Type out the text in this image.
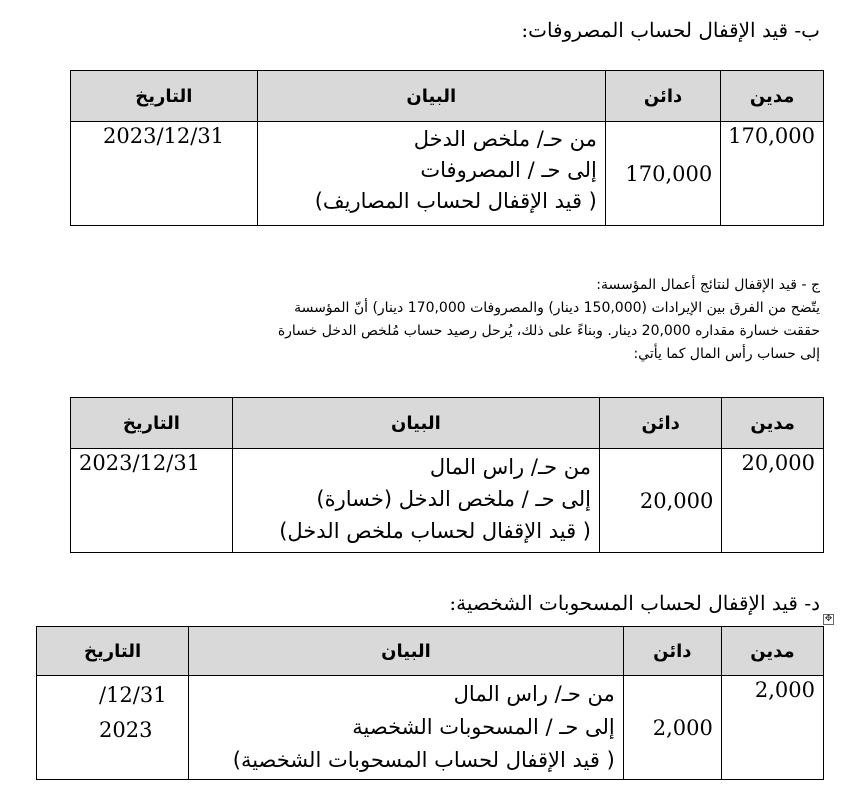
ب- قيد الإقفال لحساب المصروفات:
مدين	دائن	البيان	التاريخ
170,000	170,000	من حـ/ ملخص الدخل
إلى حـ / المصروفات
( قيد الإقفال لحساب المصاريف)	2023/12/31
ج - قيد الإقفال لنتائج أعمال المؤسسة:
يتّضح من الفرق بين الإيرادات (150,000 دينار) والمصروفات 170,000 دينار) أنّ المؤسسة
حققت خسارة مقداره 20,000 دينار. وبناءً على ذلك، يُرحل رصيد حساب مُلخص الدخل خسارة
إلى حساب رأس المال كما يأتي:
مدين	دائن	البيان	التاريخ
20,000	20,000	من حـ/ راس المال
إلى حـ / ملخص الدخل (خسارة)
( قيد الإقفال لحساب ملخص الدخل)	2023/12/31
د- قيد الإقفال لحساب المسحوبات الشخصية:
✥
مدين	دائن	البيان	التاريخ
2,000	2,000	من حـ/ راس المال
إلى حـ / المسحوبات الشخصية
( قيد الإقفال لحساب المسحوبات الشخصية)	/12/31
2023
